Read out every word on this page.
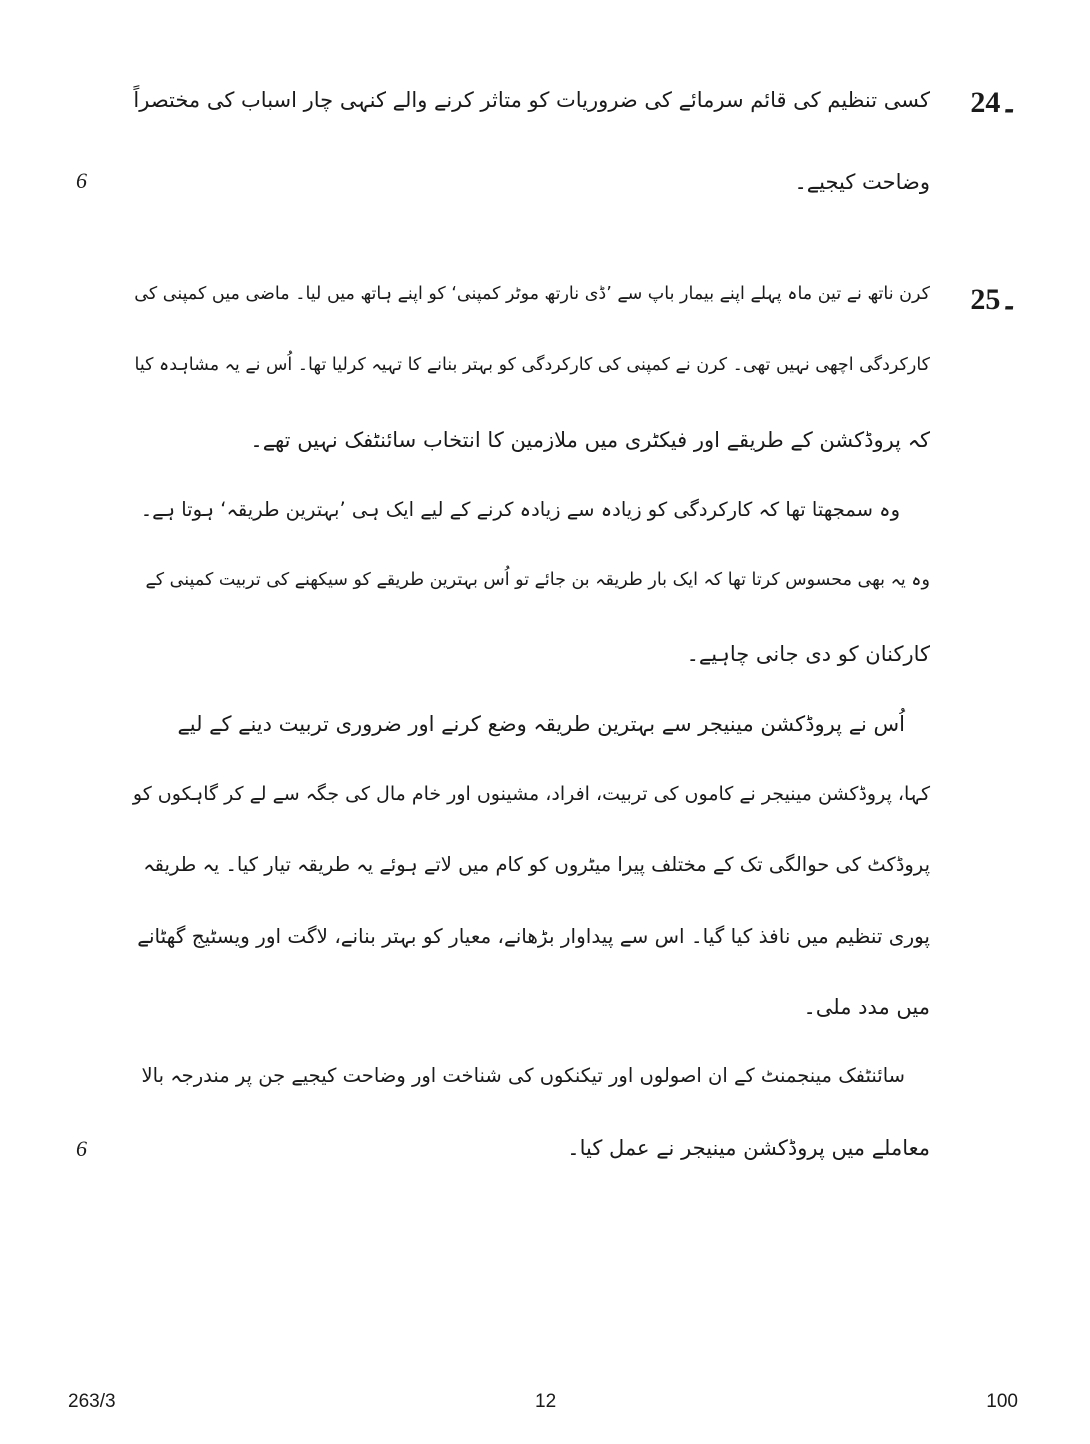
24۔
کسی تنظیم کی قائم سرمائے کی ضروریات کو متاثر کرنے والے کنہی چار اسباب کی مختصراً
وضاحت کیجیے۔
6
25۔
کرن ناتھ نے تین ماہ پہلے اپنے بیمار باپ سے ’ڈی نارتھ موٹر کمپنی‘ کو اپنے ہاتھ میں لیا۔ ماضی میں کمپنی کی
کارکردگی اچھی نہیں تھی۔ کرن نے کمپنی کی کارکردگی کو بہتر بنانے کا تہیہ کرلیا تھا۔ اُس نے یہ مشاہدہ کیا
کہ پروڈکشن کے طریقے اور فیکٹری میں ملازمین کا انتخاب سائنٹفک نہیں تھے۔
وہ سمجھتا تھا کہ کارکردگی کو زیادہ سے زیادہ کرنے کے لیے ایک ہی ’بہترین طریقہ‘ ہوتا ہے۔
وہ یہ بھی محسوس کرتا تھا کہ ایک بار طریقہ بن جائے تو اُس بہترین طریقے کو سیکھنے کی تربیت کمپنی کے
کارکنان کو دی جانی چاہیے۔
اُس نے پروڈکشن مینیجر سے بہترین طریقہ وضع کرنے اور ضروری تربیت دینے کے لیے
کہا، پروڈکشن مینیجر نے کاموں کی تربیت، افراد، مشینوں اور خام مال کی جگہ سے لے کر گاہکوں کو
پروڈکٹ کی حوالگی تک کے مختلف پیرا میٹروں کو کام میں لاتے ہوئے یہ طریقہ تیار کیا۔ یہ طریقہ
پوری تنظیم میں نافذ کیا گیا۔ اس سے پیداوار بڑھانے، معیار کو بہتر بنانے، لاگت اور ویسٹیج گھٹانے
میں مدد ملی۔
سائنٹفک مینجمنٹ کے ان اصولوں اور تیکنکوں کی شناخت اور وضاحت کیجیے جن پر مندرجہ بالا
معاملے میں پروڈکشن مینیجر نے عمل کیا۔
6
263/3	12	100
